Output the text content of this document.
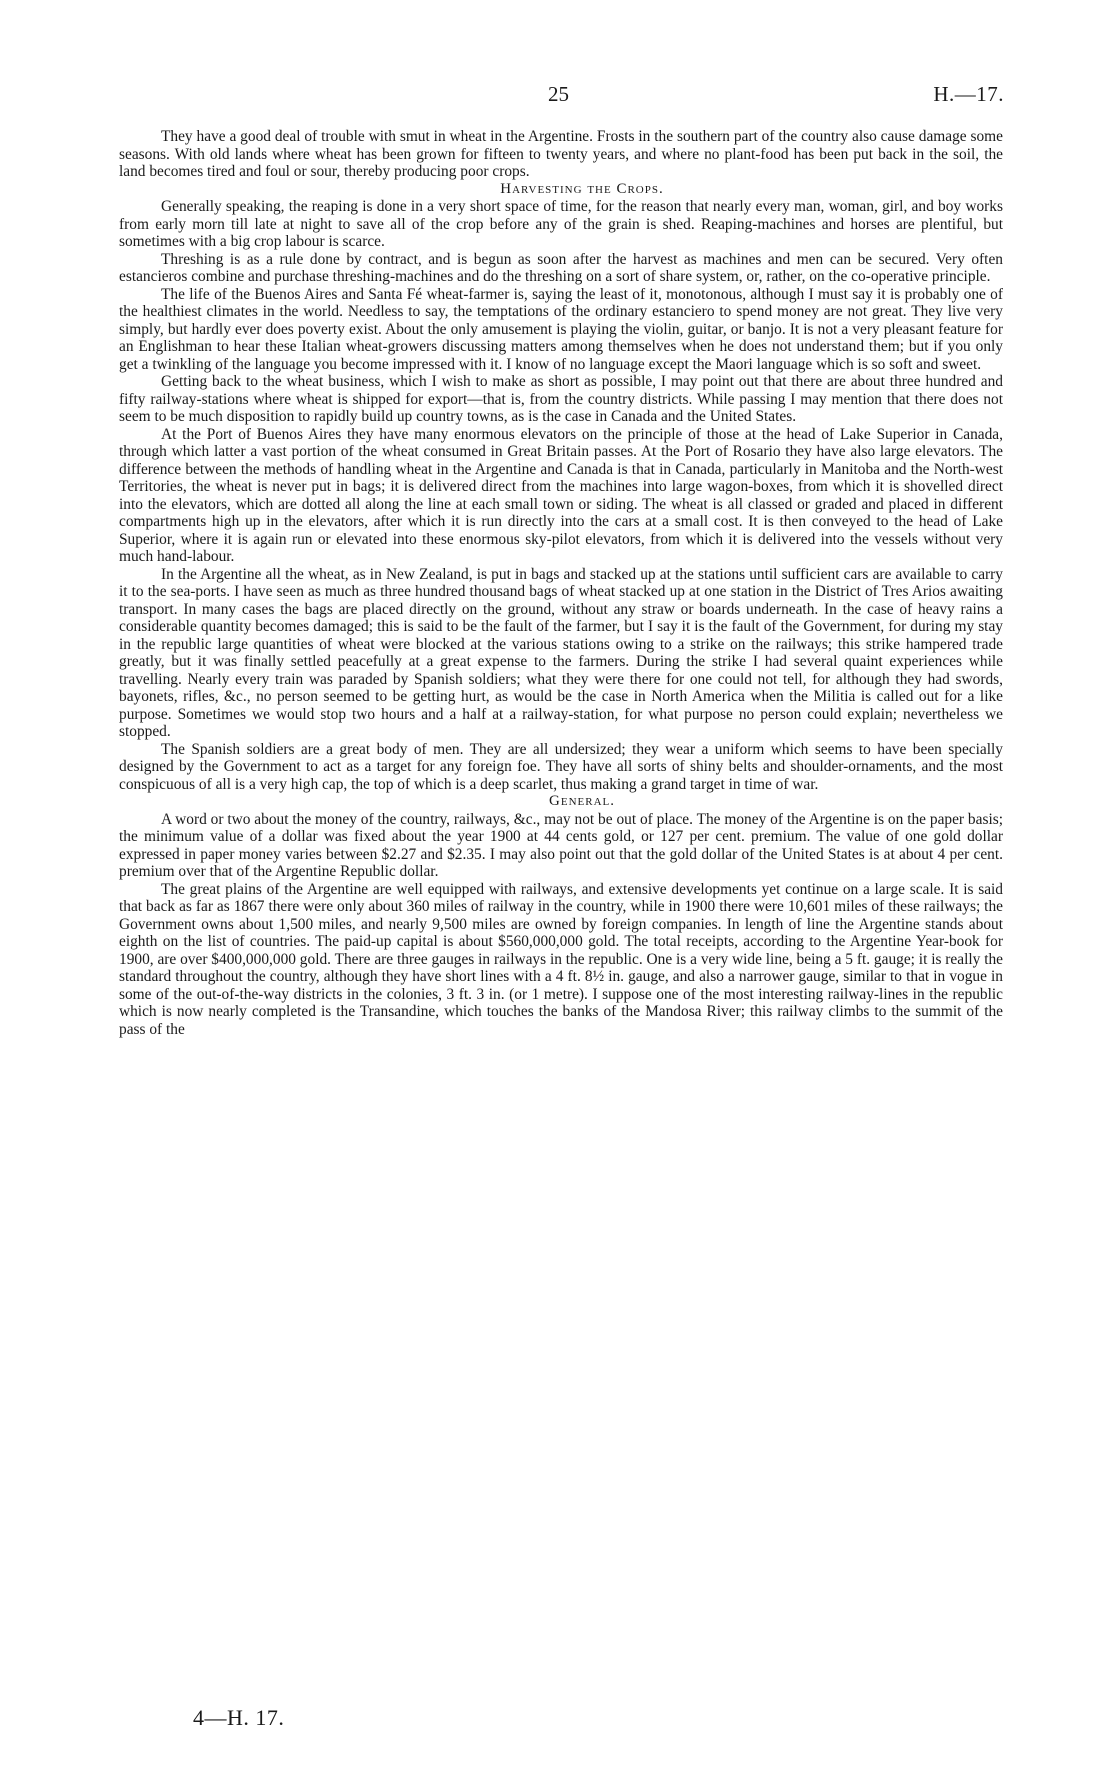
25	H.—17.

They have a good deal of trouble with smut in wheat in the Argentine. Frosts in the southern part of the country also cause damage some seasons. With old lands where wheat has been grown for fifteen to twenty years, and where no plant-food has been put back in the soil, the land becomes tired and foul or sour, thereby producing poor crops.

Harvesting the Crops.

Generally speaking, the reaping is done in a very short space of time, for the reason that nearly every man, woman, girl, and boy works from early morn till late at night to save all of the crop before any of the grain is shed. Reaping-machines and horses are plentiful, but sometimes with a big crop labour is scarce.

Threshing is as a rule done by contract, and is begun as soon after the harvest as machines and men can be secured. Very often estancieros combine and purchase threshing-machines and do the threshing on a sort of share system, or, rather, on the co-operative principle.

The life of the Buenos Aires and Santa Fé wheat-farmer is, saying the least of it, monotonous, although I must say it is probably one of the healthiest climates in the world. Needless to say, the temptations of the ordinary estanciero to spend money are not great. They live very simply, but hardly ever does poverty exist. About the only amusement is playing the violin, guitar, or banjo. It is not a very pleasant feature for an Englishman to hear these Italian wheat-growers discussing matters among themselves when he does not understand them; but if you only get a twinkling of the language you become impressed with it. I know of no language except the Maori language which is so soft and sweet.

Getting back to the wheat business, which I wish to make as short as possible, I may point out that there are about three hundred and fifty railway-stations where wheat is shipped for export—that is, from the country districts. While passing I may mention that there does not seem to be much disposition to rapidly build up country towns, as is the case in Canada and the United States.

At the Port of Buenos Aires they have many enormous elevators on the principle of those at the head of Lake Superior in Canada, through which latter a vast portion of the wheat consumed in Great Britain passes. At the Port of Rosario they have also large elevators. The difference between the methods of handling wheat in the Argentine and Canada is that in Canada, particularly in Manitoba and the North-west Territories, the wheat is never put in bags; it is delivered direct from the machines into large wagon-boxes, from which it is shovelled direct into the elevators, which are dotted all along the line at each small town or siding. The wheat is all classed or graded and placed in different compartments high up in the elevators, after which it is run directly into the cars at a small cost. It is then conveyed to the head of Lake Superior, where it is again run or elevated into these enormous sky-pilot elevators, from which it is delivered into the vessels without very much hand-labour.

In the Argentine all the wheat, as in New Zealand, is put in bags and stacked up at the stations until sufficient cars are available to carry it to the sea-ports. I have seen as much as three hundred thousand bags of wheat stacked up at one station in the District of Tres Arios awaiting transport. In many cases the bags are placed directly on the ground, without any straw or boards underneath. In the case of heavy rains a considerable quantity becomes damaged; this is said to be the fault of the farmer, but I say it is the fault of the Government, for during my stay in the republic large quantities of wheat were blocked at the various stations owing to a strike on the railways; this strike hampered trade greatly, but it was finally settled peacefully at a great expense to the farmers. During the strike I had several quaint experiences while travelling. Nearly every train was paraded by Spanish soldiers; what they were there for one could not tell, for although they had swords, bayonets, rifles, &c., no person seemed to be getting hurt, as would be the case in North America when the Militia is called out for a like purpose. Sometimes we would stop two hours and a half at a railway-station, for what purpose no person could explain; nevertheless we stopped.

The Spanish soldiers are a great body of men. They are all undersized; they wear a uniform which seems to have been specially designed by the Government to act as a target for any foreign foe. They have all sorts of shiny belts and shoulder-ornaments, and the most conspicuous of all is a very high cap, the top of which is a deep scarlet, thus making a grand target in time of war.

General.

A word or two about the money of the country, railways, &c., may not be out of place. The money of the Argentine is on the paper basis; the minimum value of a dollar was fixed about the year 1900 at 44 cents gold, or 127 per cent. premium. The value of one gold dollar expressed in paper money varies between $2.27 and $2.35. I may also point out that the gold dollar of the United States is at about 4 per cent. premium over that of the Argentine Republic dollar.

The great plains of the Argentine are well equipped with railways, and extensive developments yet continue on a large scale. It is said that back as far as 1867 there were only about 360 miles of railway in the country, while in 1900 there were 10,601 miles of these railways; the Government owns about 1,500 miles, and nearly 9,500 miles are owned by foreign companies. In length of line the Argentine stands about eighth on the list of countries. The paid-up capital is about $560,000,000 gold. The total receipts, according to the Argentine Year-book for 1900, are over $400,000,000 gold. There are three gauges in railways in the republic. One is a very wide line, being a 5 ft. gauge; it is really the standard throughout the country, although they have short lines with a 4 ft. 8½ in. gauge, and also a narrower gauge, similar to that in vogue in some of the out-of-the-way districts in the colonies, 3 ft. 3 in. (or 1 metre). I suppose one of the most interesting railway-lines in the republic which is now nearly completed is the Transandine, which touches the banks of the Mandosa River; this railway climbs to the summit of the pass of the

4—H. 17.
